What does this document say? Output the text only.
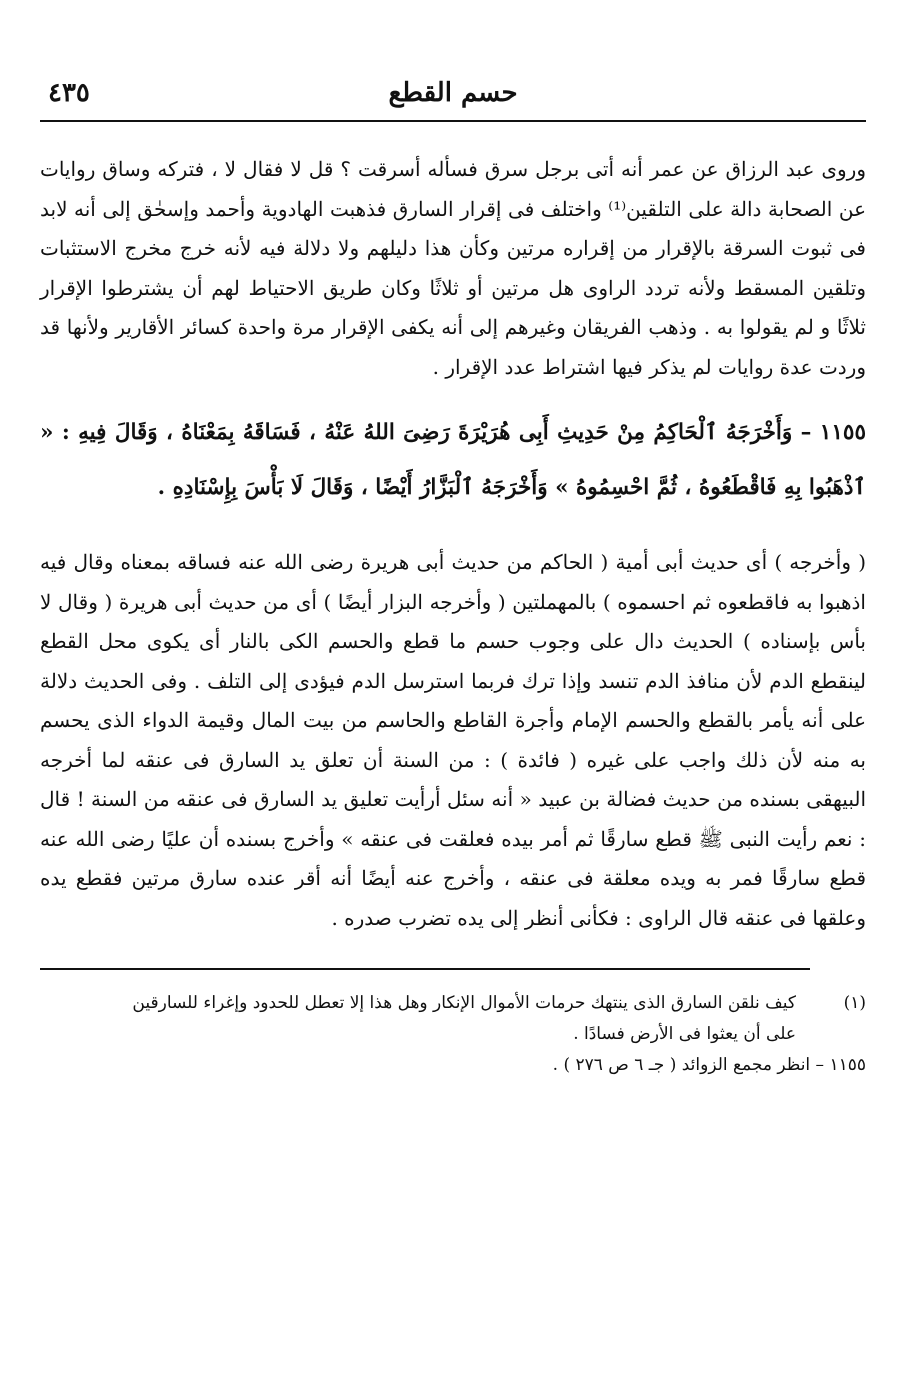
حسم القطع
٤٣٥

وروى عبد الرزاق عن عمر أنه أتى برجل سرق فسأله أسرقت ؟ قل لا فقال لا ، فتركه وساق روايات عن الصحابة دالة على التلقين⁽¹⁾ واختلف فى إقرار السارق فذهبت الهادوية وأحمد وإسحٰق إلى أنه لابد فى ثبوت السرقة بالإقرار من إقراره مرتين وكأن هذا دليلهم ولا دلالة فيه لأنه خرج مخرج الاستثبات وتلقين المسقط ولأنه تردد الراوى هل مرتين أو ثلاثًا وكان طريق الاحتياط لهم أن يشترطوا الإقرار ثلاثًا و لم يقولوا به . وذهب الفريقان وغيرهم إلى أنه يكفى الإقرار مرة واحدة كسائر الأقارير ولأنها قد وردت عدة روايات لم يذكر فيها اشتراط عدد الإقرار .

١١٥٥ – وَأَخْرَجَهُ ٱلْحَاكِمُ مِنْ حَدِيثِ أَبِى هُرَيْرَةَ رَضِىَ اللهُ عَنْهُ ، فَسَاقَهُ بِمَعْنَاهُ ، وَقَالَ فِيهِ : « ٱذْهَبُوا بِهِ فَاقْطَعُوهُ ، ثُمَّ احْسِمُوهُ » وَأَخْرَجَهُ ٱلْبَزَّارُ أَيْضًا ، وَقَالَ لَا بَأْسَ بِإِسْنَادِهِ .

( وأخرجه ) أى حديث أبى أمية ( الحاكم من حديث أبى هريرة رضى الله عنه فساقه بمعناه وقال فيه اذهبوا به فاقطعوه ثم احسموه ) بالمهملتين ( وأخرجه البزار أيضًا ) أى من حديث أبى هريرة ( وقال لا بأس بإسناده ) الحديث دال على وجوب حسم ما قطع والحسم الكى بالنار أى يكوى محل القطع لينقطع الدم لأن منافذ الدم تنسد وإذا ترك فربما استرسل الدم فيؤدى إلى التلف . وفى الحديث دلالة على أنه يأمر بالقطع والحسم الإمام وأجرة القاطع والحاسم من بيت المال وقيمة الدواء الذى يحسم به منه لأن ذلك واجب على غيره ( فائدة ) : من السنة أن تعلق يد السارق فى عنقه لما أخرجه البيهقى بسنده من حديث فضالة بن عبيد « أنه سئل أرأيت تعليق يد السارق فى عنقه من السنة ! قال : نعم رأيت النبى ﷺ قطع سارقًا ثم أمر بيده فعلقت فى عنقه » وأخرج بسنده أن عليًا رضى الله عنه قطع سارقًا فمر به ويده معلقة فى عنقه ، وأخرج عنه أيضًا أنه أقر عنده سارق مرتين فقطع يده وعلقها فى عنقه قال الراوى : فكأنى أنظر إلى يده تضرب صدره .

(١)
كيف نلقن السارق الذى ينتهك حرمات الأموال الإنكار وهل هذا إلا تعطل للحدود وإغراء للسارقين
على أن يعثوا فى الأرض فسادًا .
١١٥٥ – انظر مجمع الزوائد ( جـ ٦ ص ٢٧٦ ) .
